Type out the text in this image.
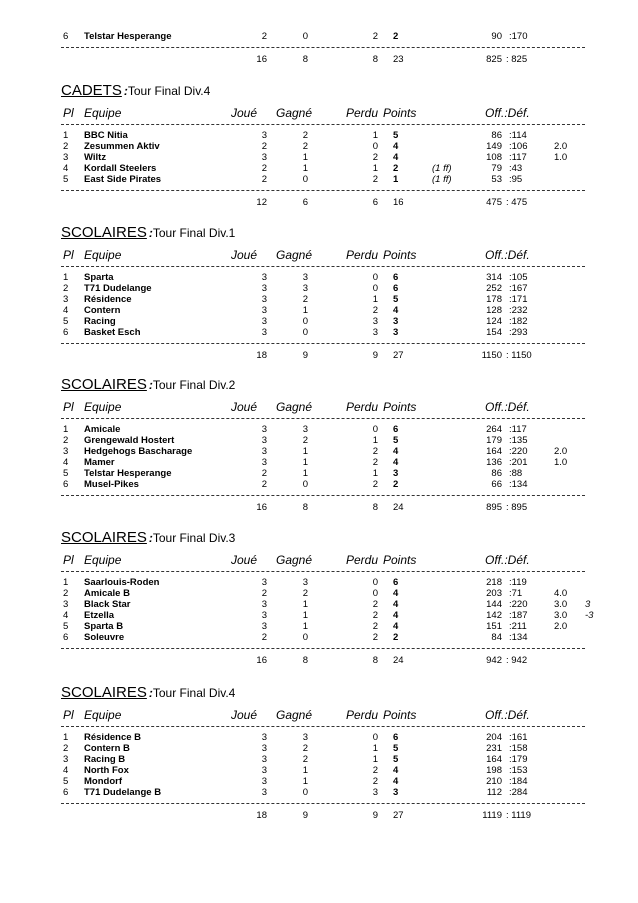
6 Telstar Hesperange	2	0	2 2	90 :170
16	8	8 23	825 : 825
CADETS :Tour Final Div.4
Pl Equipe	Joué Gagné	Perdu Points	Off.:Déf.
1 BBC Nitia	3	2	1 5	86 :114
2 Zesummen Aktiv	2	2	0 4	149 :106	2.0
3 Wiltz	3	1	2 4	108 :117	1.0
4 Kordall Steelers	2	1	1 2	(1 ff)	79 :43
5 East Side Pirates	2	0	2 1	(1 ff)	53 :95
12	6	6 16	475 : 475
SCOLAIRES :Tour Final Div.1
Pl Equipe	Joué Gagné	Perdu Points	Off.:Déf.
1 Sparta	3	3	0 6	314 :105
2 T71 Dudelange	3	3	0 6	252 :167
3 Résidence	3	2	1 5	178 :171
4 Contern	3	1	2 4	128 :232
5 Racing	3	0	3 3	124 :182
6 Basket Esch	3	0	3 3	154 :293
18	9	9 27	1150 : 1150
SCOLAIRES :Tour Final Div.2
Pl Equipe	Joué Gagné	Perdu Points	Off.:Déf.
1 Amicale	3	3	0 6	264 :117
2 Grengewald Hostert	3	2	1 5	179 :135
3 Hedgehogs Bascharage	3	1	2 4	164 :220	2.0
4 Mamer	3	1	2 4	136 :201	1.0
5 Telstar Hesperange	2	1	1 3	86 :88
6 Musel-Pikes	2	0	2 2	66 :134
16	8	8 24	895 : 895
SCOLAIRES :Tour Final Div.3
Pl Equipe	Joué Gagné	Perdu Points	Off.:Déf.
1 Saarlouis-Roden	3	3	0 6	218 :119
2 Amicale B	2	2	0 4	203 :71	4.0
3 Black Star	3	1	2 4	144 :220	3.0 3
4 Etzella	3	1	2 4	142 :187	3.0 -3
5 Sparta B	3	1	2 4	151 :211	2.0
6 Soleuvre	2	0	2 2	84 :134
16	8	8 24	942 : 942
SCOLAIRES :Tour Final Div.4
Pl Equipe	Joué Gagné	Perdu Points	Off.:Déf.
1 Résidence B	3	3	0 6	204 :161
2 Contern B	3	2	1 5	231 :158
3 Racing B	3	2	1 5	164 :179
4 North Fox	3	1	2 4	198 :153
5 Mondorf	3	1	2 4	210 :184
6 T71 Dudelange B	3	0	3 3	112 :284
18	9	9 27	1119 : 1119
